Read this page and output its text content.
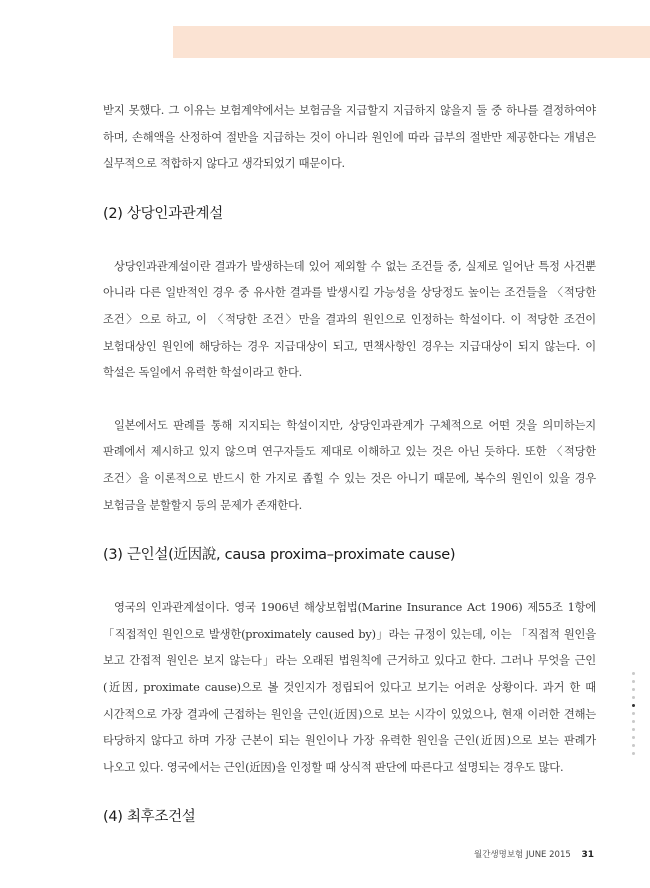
받지 못했다. 그 이유는 보험계약에서는 보험금을 지급할지 지급하지 않을지 둘 중 하나를 결정하여야 하며, 손해액을 산정하여 절반을 지급하는 것이 아니라 원인에 따라 급부의 절반만 제공한다는 개념은 실무적으로 적합하지 않다고 생각되었기 때문이다.

(2) 상당인과관계설

상당인과관계설이란 결과가 발생하는데 있어 제외할 수 없는 조건들 중, 실제로 일어난 특정 사건뿐 아니라 다른 일반적인 경우 중 유사한 결과를 발생시킬 가능성을 상당정도 높이는 조건들을 〈적당한 조건〉으로 하고, 이 〈적당한 조건〉만을 결과의 원인으로 인정하는 학설이다. 이 적당한 조건이 보험대상인 원인에 해당하는 경우 지급대상이 되고, 면책사항인 경우는 지급대상이 되지 않는다. 이 학설은 독일에서 유력한 학설이라고 한다.

일본에서도 판례를 통해 지지되는 학설이지만, 상당인과관계가 구체적으로 어떤 것을 의미하는지 판례에서 제시하고 있지 않으며 연구자들도 제대로 이해하고 있는 것은 아닌 듯하다. 또한 〈적당한 조건〉을 이론적으로 반드시 한 가지로 좁힐 수 있는 것은 아니기 때문에, 복수의 원인이 있을 경우 보험금을 분할할지 등의 문제가 존재한다.

(3) 근인설(近因說, causa proxima–proximate cause)

영국의 인과관계설이다. 영국 1906년 해상보험법(Marine Insurance Act 1906) 제55조 1항에 「직접적인 원인으로 발생한(proximately caused by)」라는 규정이 있는데, 이는 「직접적 원인을 보고 간접적 원인은 보지 않는다」라는 오래된 법원칙에 근거하고 있다고 한다. 그러나 무엇을 근인(近因, proximate cause)으로 볼 것인지가 정립되어 있다고 보기는 어려운 상황이다. 과거 한 때 시간적으로 가장 결과에 근접하는 원인을 근인(近因)으로 보는 시각이 있었으나, 현재 이러한 견해는 타당하지 않다고 하며 가장 근본이 되는 원인이나 가장 유력한 원인을 근인(近因)으로 보는 판례가 나오고 있다. 영국에서는 근인(近因)을 인정할 때 상식적 판단에 따른다고 설명되는 경우도 많다.

(4) 최후조건설
월간생명보험 JUNE 2015 31
